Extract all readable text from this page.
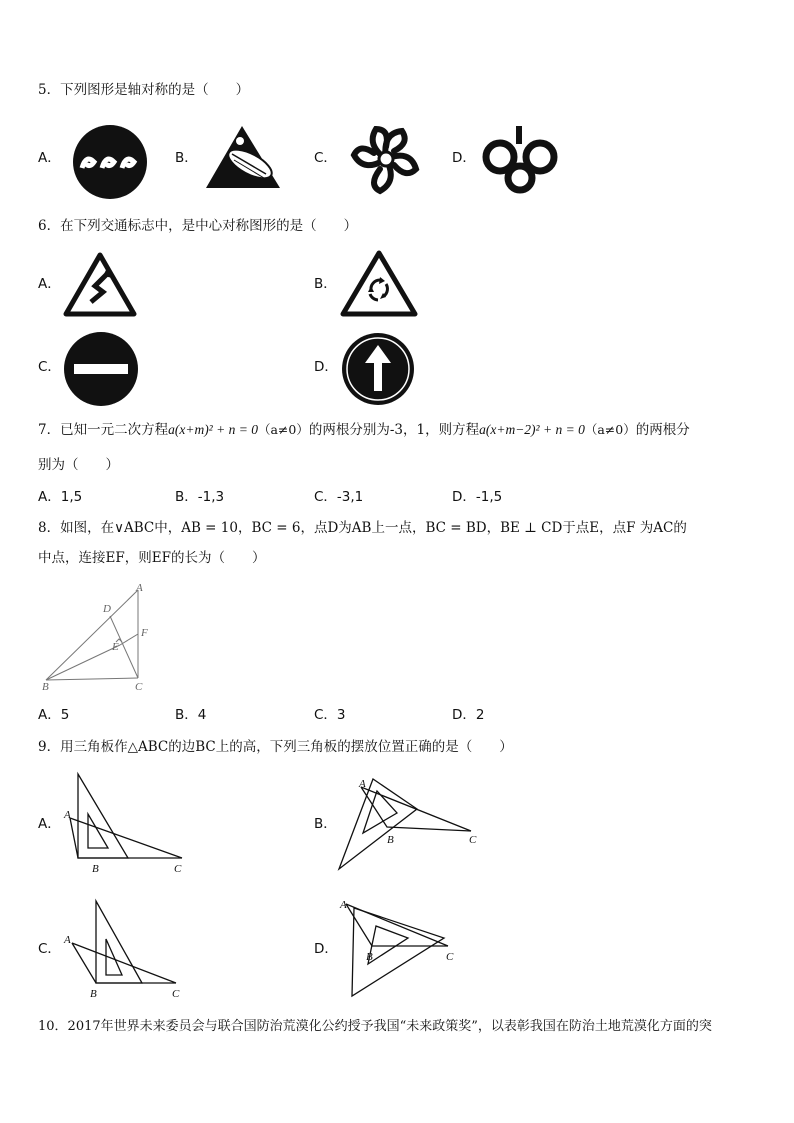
5．下列图形是轴对称的是（　　）
A．	B．	C．	D．
6．在下列交通标志中，是中心对称图形的是（　　）
A．	B．
C．	D．
7．已知一元二次方程a(x+m)² + n = 0（a≠0）的两根分别为-3，1，则方程a(x+m−2)² + n = 0（a≠0）的两根分
别为（　　）
A．1,5	B．-1,3	C．-3,1	D．-1,5
8．如图，在∨ABC中，AB = 10，BC = 6，点D为AB上一点，BC = BD，BE ⊥ CD于点E，点F 为AC的
中点，连接EF，则EF的长为（　　）
A
D
F
E
B	C
A．5	B．4	C．3	D．2
9．用三角板作△ABC的边BC上的高，下列三角板的摆放位置正确的是（　　）
A．	B．
C．	D．
A
B	C
A
B	C
A
B	C
A
B	C
10．2017年世界未来委员会与联合国防治荒漠化公约授予我国“未来政策奖”，以表彰我国在防治土地荒漠化方面的突
